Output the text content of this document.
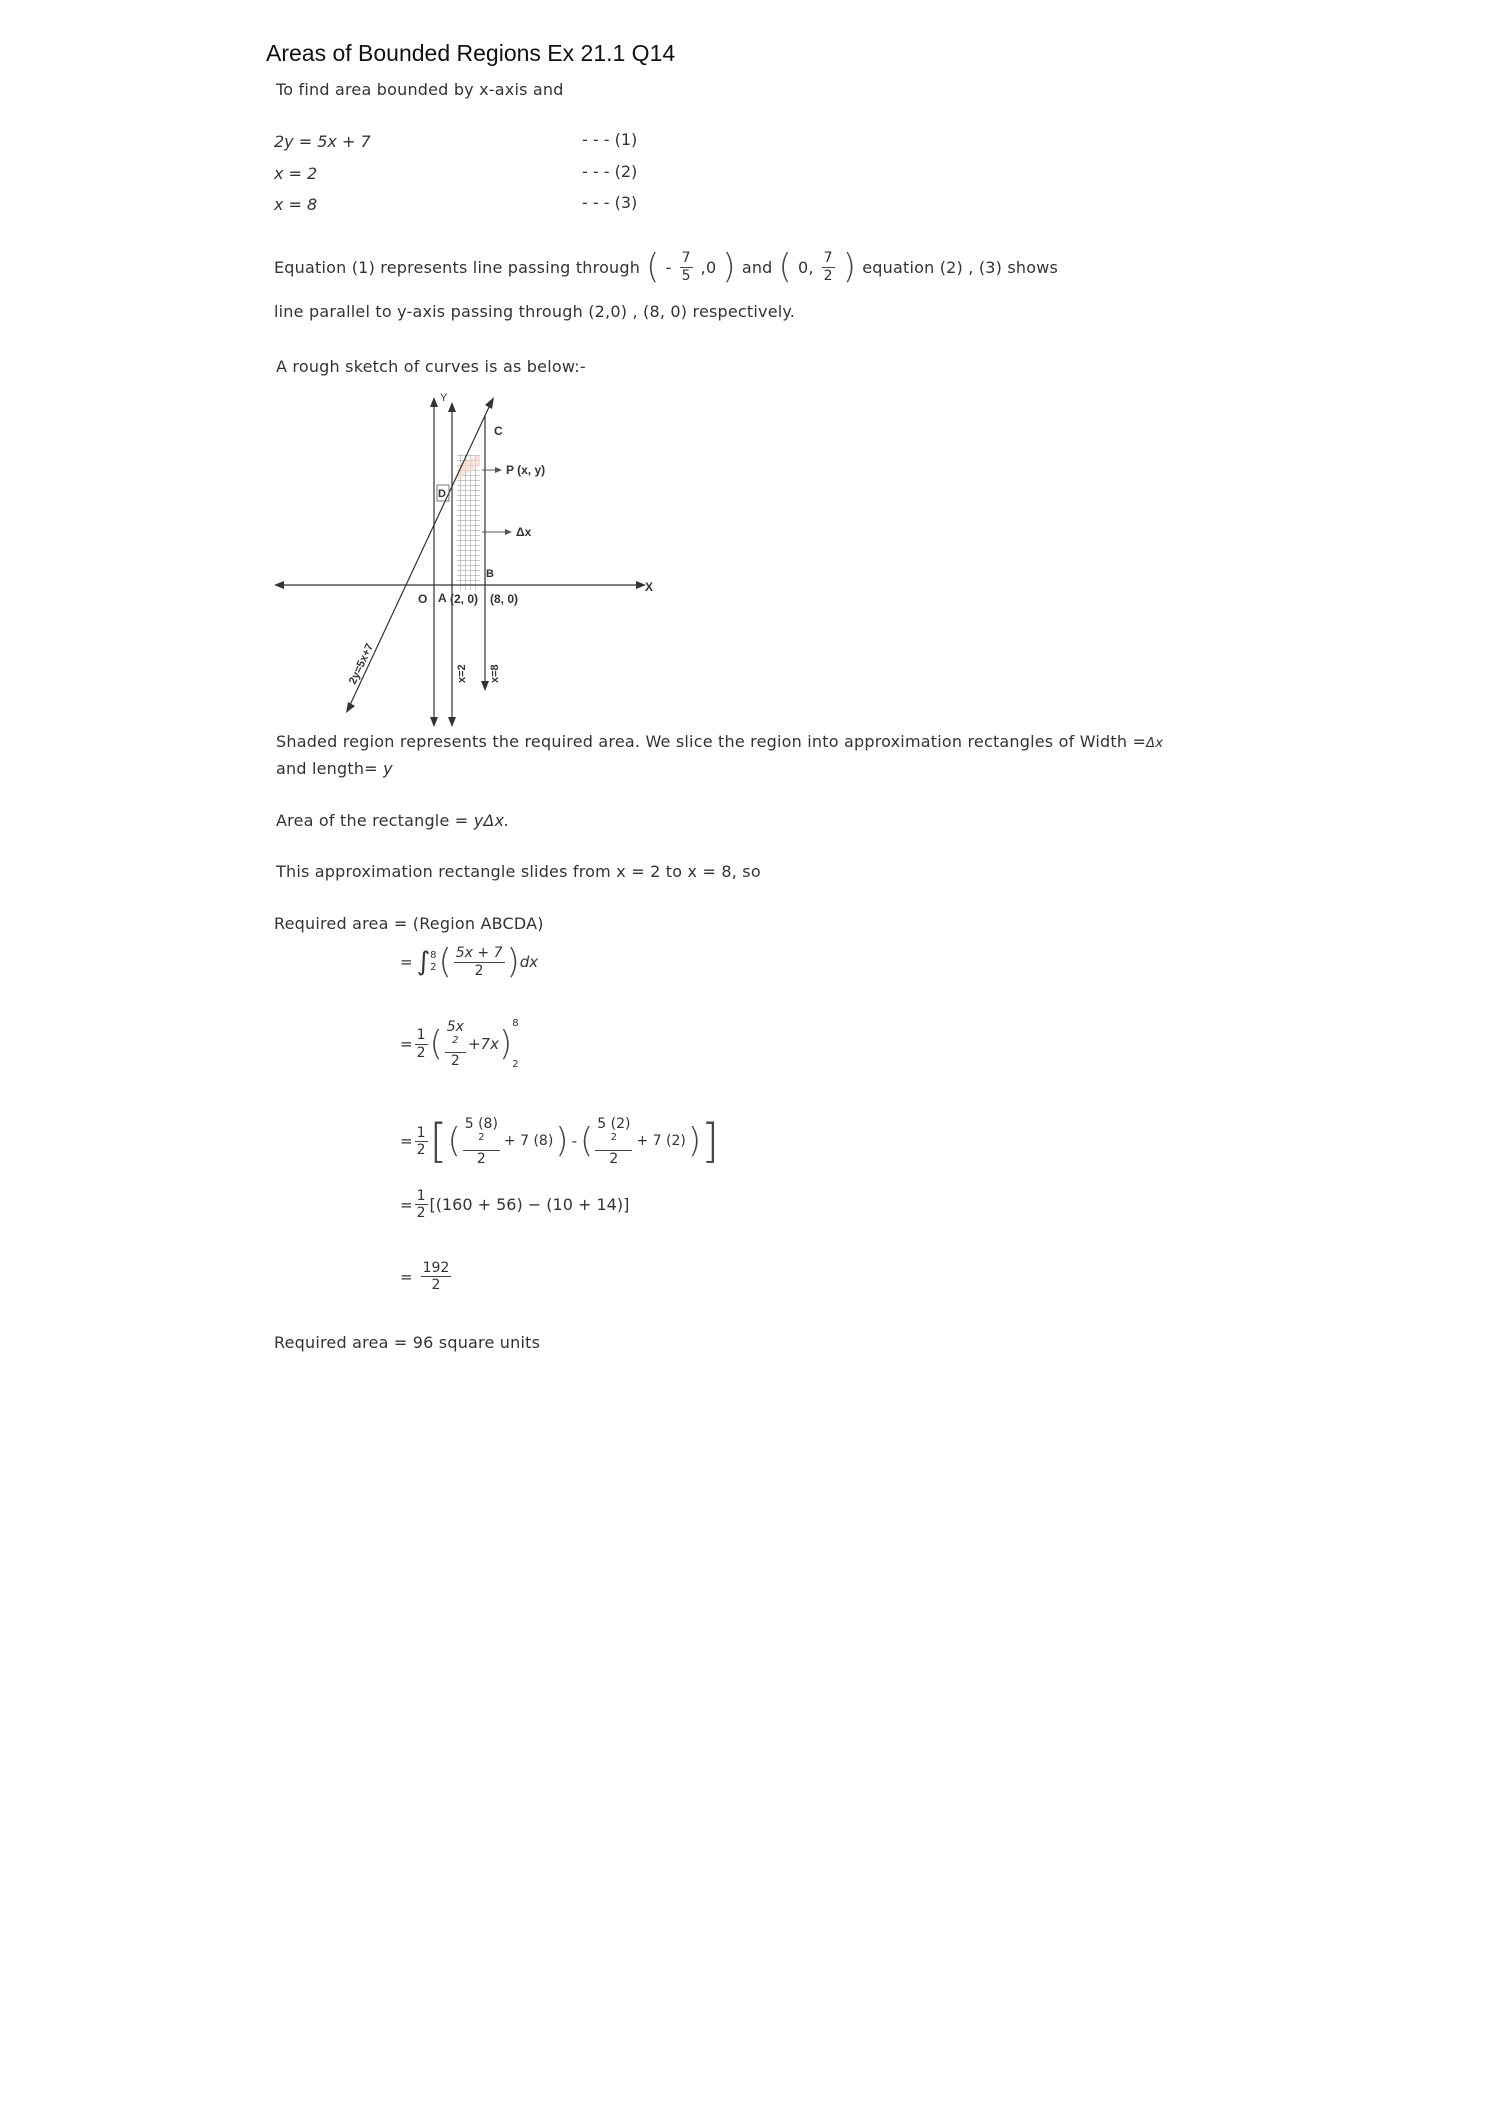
Areas of Bounded Regions Ex 21.1 Q14
To find area bounded by x-axis and
2y = 5x + 7	- - - (1)
x = 2	- - - (2)
x = 8	- - - (3)
Equation (1) represents line passing through ( - $\frac{7}{5} ,0$ ) and ( 0, $\frac{7}{2}$ ) equation (2) , (3) shows
line parallel to y-axis passing through (2,0) , (8, 0) respectively.
A rough sketch of curves is as below:-
Y
X
C
P (x, y)
D
Δx
B
O A (2, 0) (8, 0)
2y=5x+7	x=2 x=8
Shaded region represents the required area. We slice the region into approximation rectangles of Width =Δx
and length= y
Area of the rectangle = yΔx.
This approximation rectangle slides from x = 2 to x = 8, so
Required area = (Region ABCDA)
= ∫ 8
2 ( $\frac{5x + 7}{2}$ ) dx
= $\frac{1}{2}$ ( 5x
$^2$
2 +7x )
8
2
= $\frac{1}{2}$ [ ( 5 (8)
$^2$
2 + 7 (8) ) - ( 5 (2)
$^2$
2 + 7 (2) ) ]
= $\frac{1}{2} [(160 + 56) - (10 + 14)]$
= $\frac{192}{2}$
Required area = 96 square units
